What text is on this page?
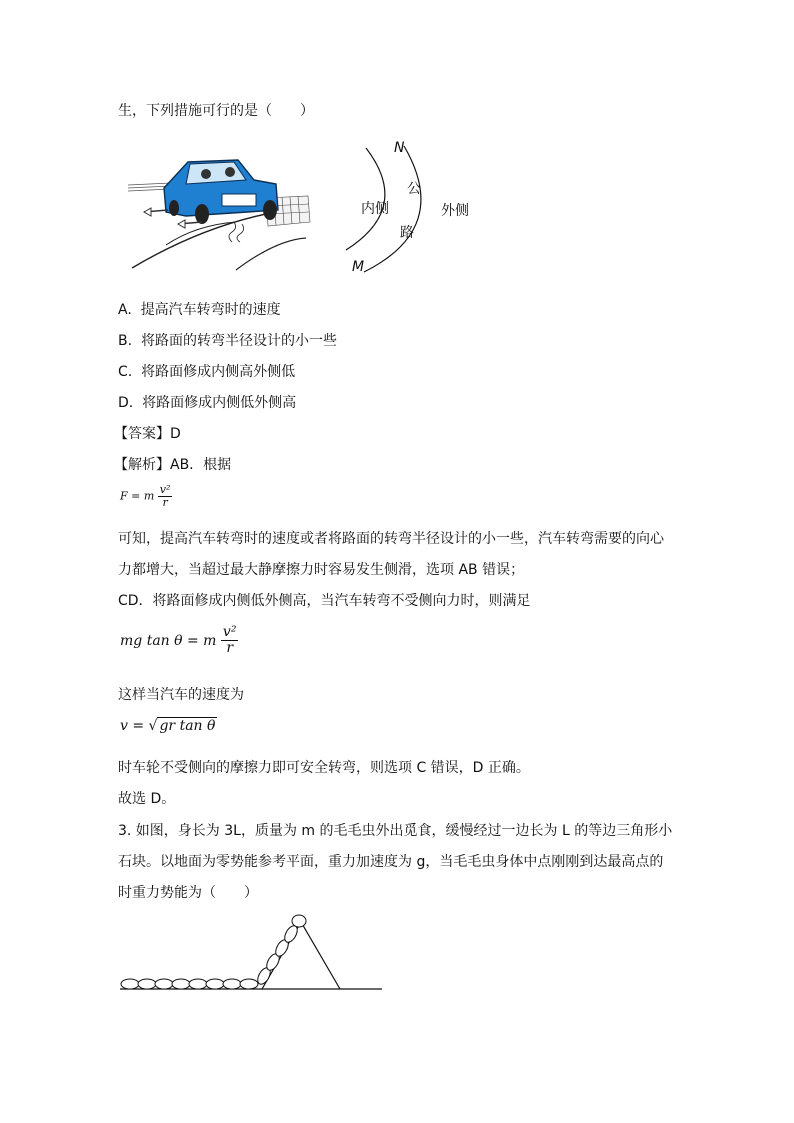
生，下列措施可行的是（　　）
N
M
内侧	外侧
公
路
A. 提高汽车转弯时的速度
B. 将路面的转弯半径设计的小一些
C. 将路面修成内侧高外侧低
D. 将路面修成内侧低外侧高
【答案】D
【解析】AB．根据
F = m $\frac{\text{v²}}{r}$
可知，提高汽车转弯时的速度或者将路面的转弯半径设计的小一些，汽车转弯需要的向心
力都增大，当超过最大静摩擦力时容易发生侧滑，选项 AB 错误；
CD．将路面修成内侧低外侧高，当汽车转弯不受侧向力时，则满足
mg tan θ = m $\frac{\text{v²}}{r}$
这样当汽车的速度为
v = √ gr tan θ
时车轮不受侧向的摩擦力即可安全转弯，则选项 C 错误，D 正确。
故选 D。
3. 如图，身长为 3L，质量为 m 的毛毛虫外出觅食，缓慢经过一边长为 L 的等边三角形小
石块。以地面为零势能参考平面，重力加速度为 g，当毛毛虫身体中点刚刚到达最高点的
时重力势能为（　　）
